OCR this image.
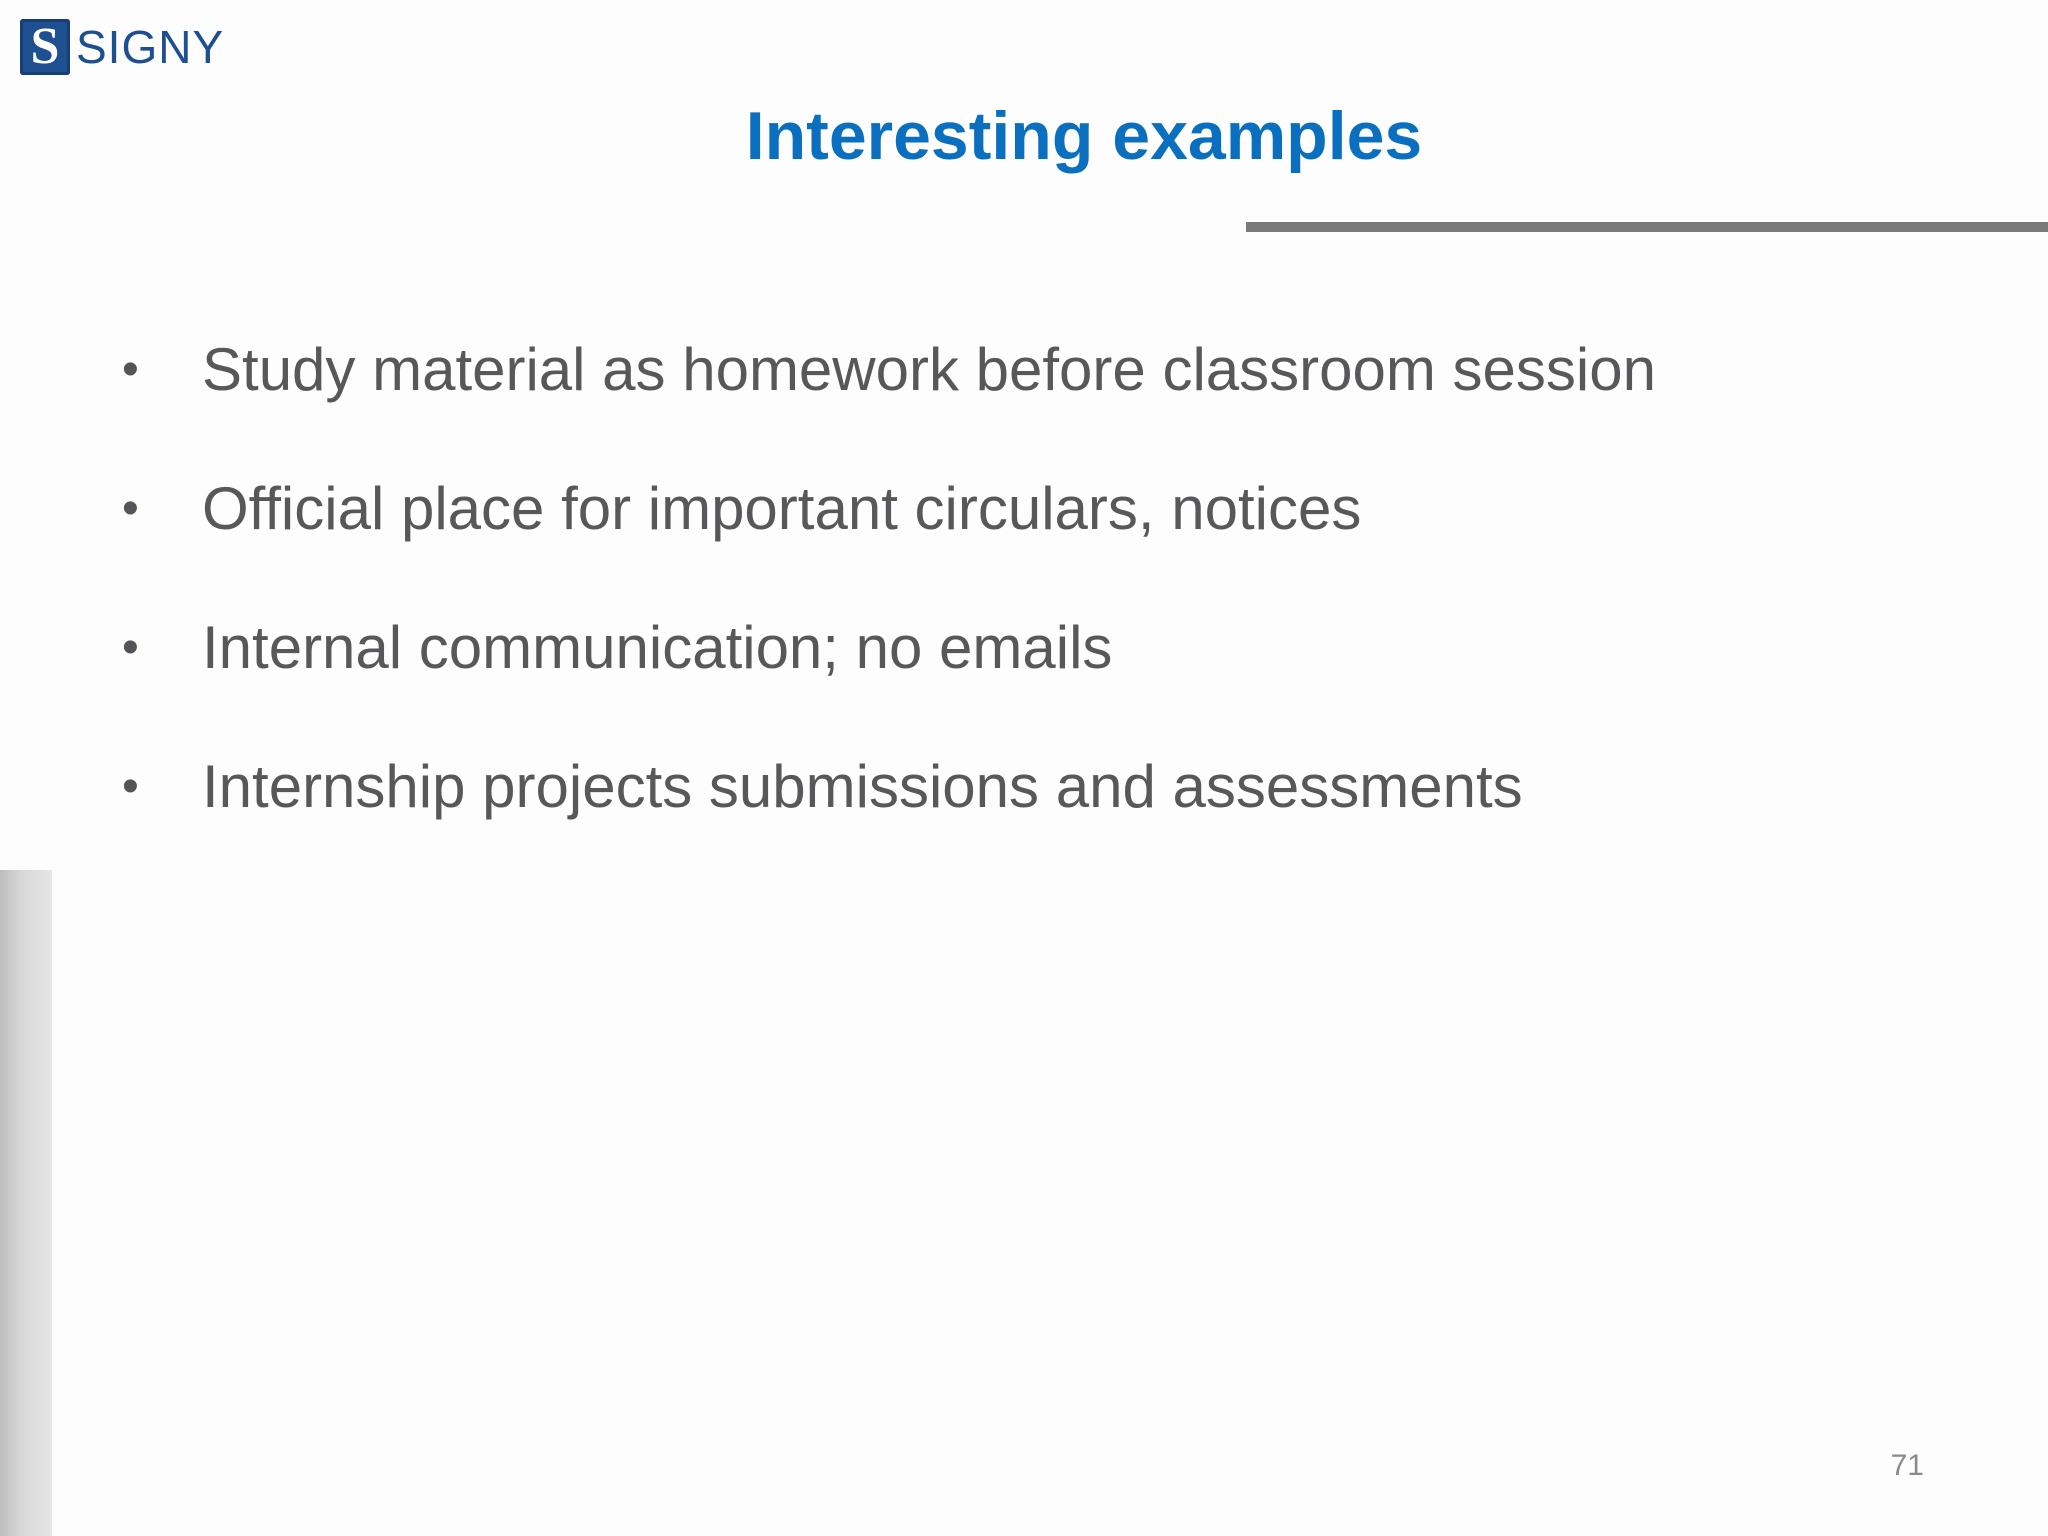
S SIGNY
Interesting examples
•	Study material as homework before classroom session
•	Official place for important circulars, notices
•	Internal communication; no emails
•	Internship projects submissions and assessments
71
